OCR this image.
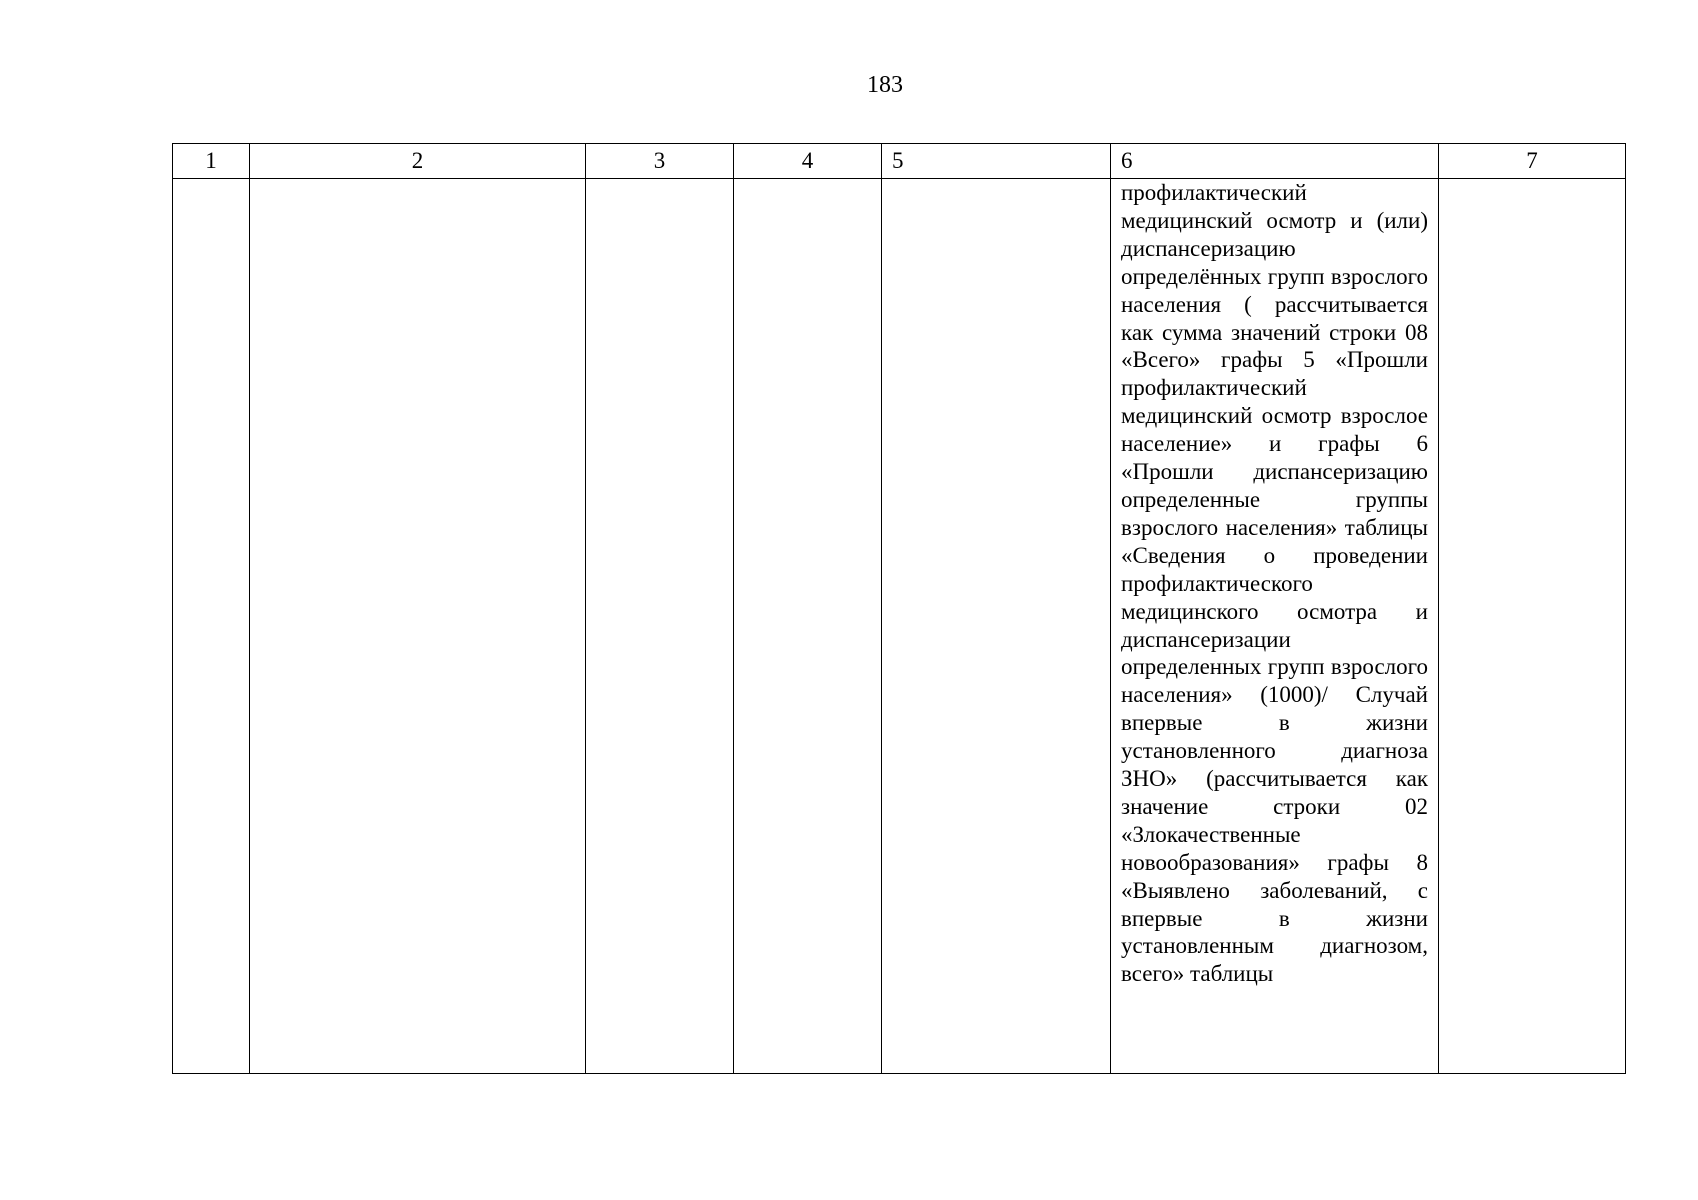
183
1	2	3	4	5	6	7

					профилактический медицинский осмотр и (или) диспансеризацию определённых групп взрослого населения ( рассчитывается как сумма значений строки 08 «Всего» графы 5 «Прошли профилактический медицинский осмотр взрослое население» и графы 6 «Прошли диспансеризацию определенные группы взрослого населения» таблицы «Сведения о проведении профилактического медицинского осмотра и диспансеризации определенных групп взрослого населения» (1000)/ Случай впервые в жизни установленного диагноза ЗНО» (рассчитывается как значение строки 02 «Злокачественные новообразования» графы 8 «Выявлено заболеваний, с впервые в жизни установленным диагнозом, всего» таблицы	
